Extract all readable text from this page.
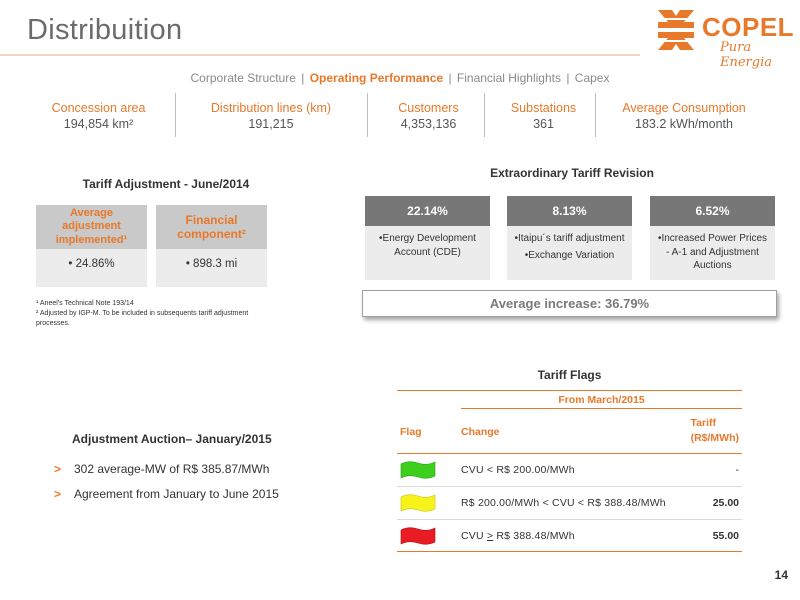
Distribuition	COPEL
Pura Energia
Corporate Structure | Operating Performance | Financial Highlights | Capex
Concession area
194,854 km²
Distribution lines (km)
191,215
Customers
4,353,136
Substations
361
Average Consumption
183.2 kWh/month
Tariff Adjustment - June/2014
Average adjustment implemented¹
• 24.86%
Financial component²
• 898.3 mi
¹ Aneel's Technical Note 193/14
² Adjusted by IGP-M. To be included in subsequents tariff adjustment processes.
Extraordinary Tariff Revision
22.14%

•Energy Development Account (CDE)

8.13%

•Itaipu´s tariff adjustment

•Exchange Variation

6.52%

•Increased Power Prices - A-1 and Adjustment Auctions

Average increase: 36.79%
Adjustment Auction– January/2015
> 302 average-MW of R$ 385.87/MWh
> Agreement from January to June 2015
Tariff Flags
From March/2015
Flag	Change
Tariff
(R$/MWh)
CVU < R$ 200.00/MWh	-
R$ 200.00/MWh < CVU < R$ 388.48/MWh	25.00
CVU > R$ 388.48/MWh	55.00
14
